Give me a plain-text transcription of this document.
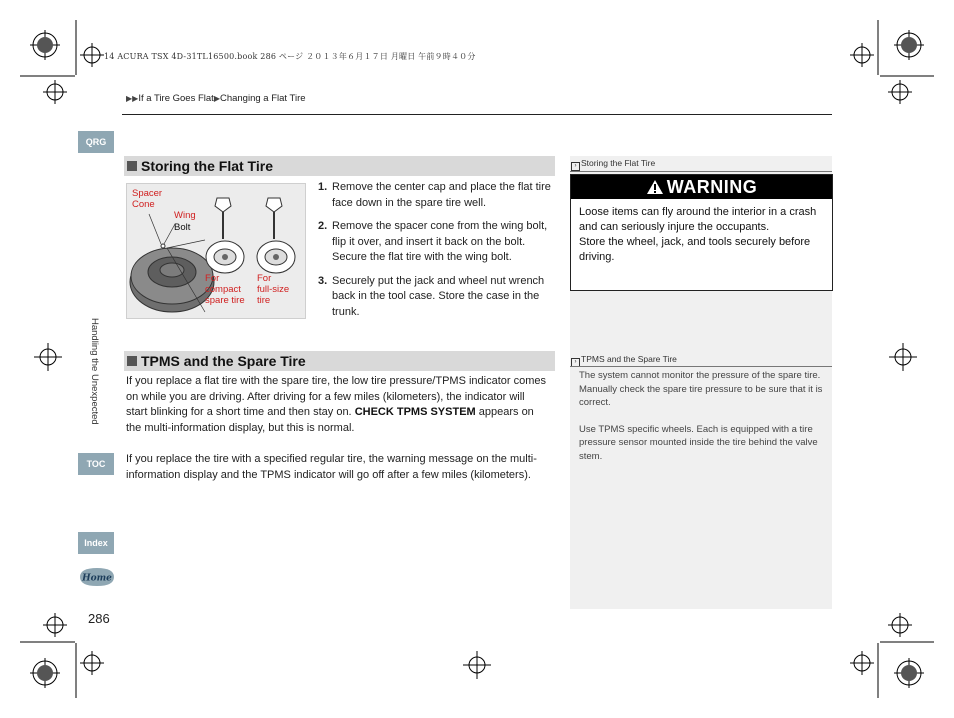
14 ACURA TSX 4D-31TL16500.book 286 ページ ２０１３年６月１７日 月曜日 午前９時４０分
▶▶If a Tire Goes Flat▶Changing a Flat Tire
QRG
Handling the Unexpected
TOC
Index
Home
286
Storing the Flat Tire
Spacer
Cone
Wing
Bolt
For
compact
spare tire
For
full-size
tire
1. Remove the center cap and place the flat tire face down in the spare tire well.
2. Remove the spacer cone from the wing bolt, flip it over, and insert it back on the bolt. Secure the flat tire with the wing bolt.
3. Securely put the jack and wheel nut wrench back in the tool case. Store the case in the trunk.
TPMS and the Spare Tire

If you replace a flat tire with the spare tire, the low tire pressure/TPMS indicator comes on while you are driving. After driving for a few miles (kilometers), the indicator will start blinking for a short time and then stay on. CHECK TPMS SYSTEM appears on the multi-information display, but this is normal.

If you replace the tire with a specified regular tire, the warning message on the multi-information display and the TPMS indicator will go off after a few miles (kilometers).

› Storing the Flat Tire
WARNING

Loose items can fly around the interior in a crash and can seriously injure the occupants.

Store the wheel, jack, and tools securely before driving.

› TPMS and the Spare Tire

The system cannot monitor the pressure of the spare tire. Manually check the spare tire pressure to be sure that it is correct.

Use TPMS specific wheels. Each is equipped with a tire pressure sensor mounted inside the tire behind the valve stem.
